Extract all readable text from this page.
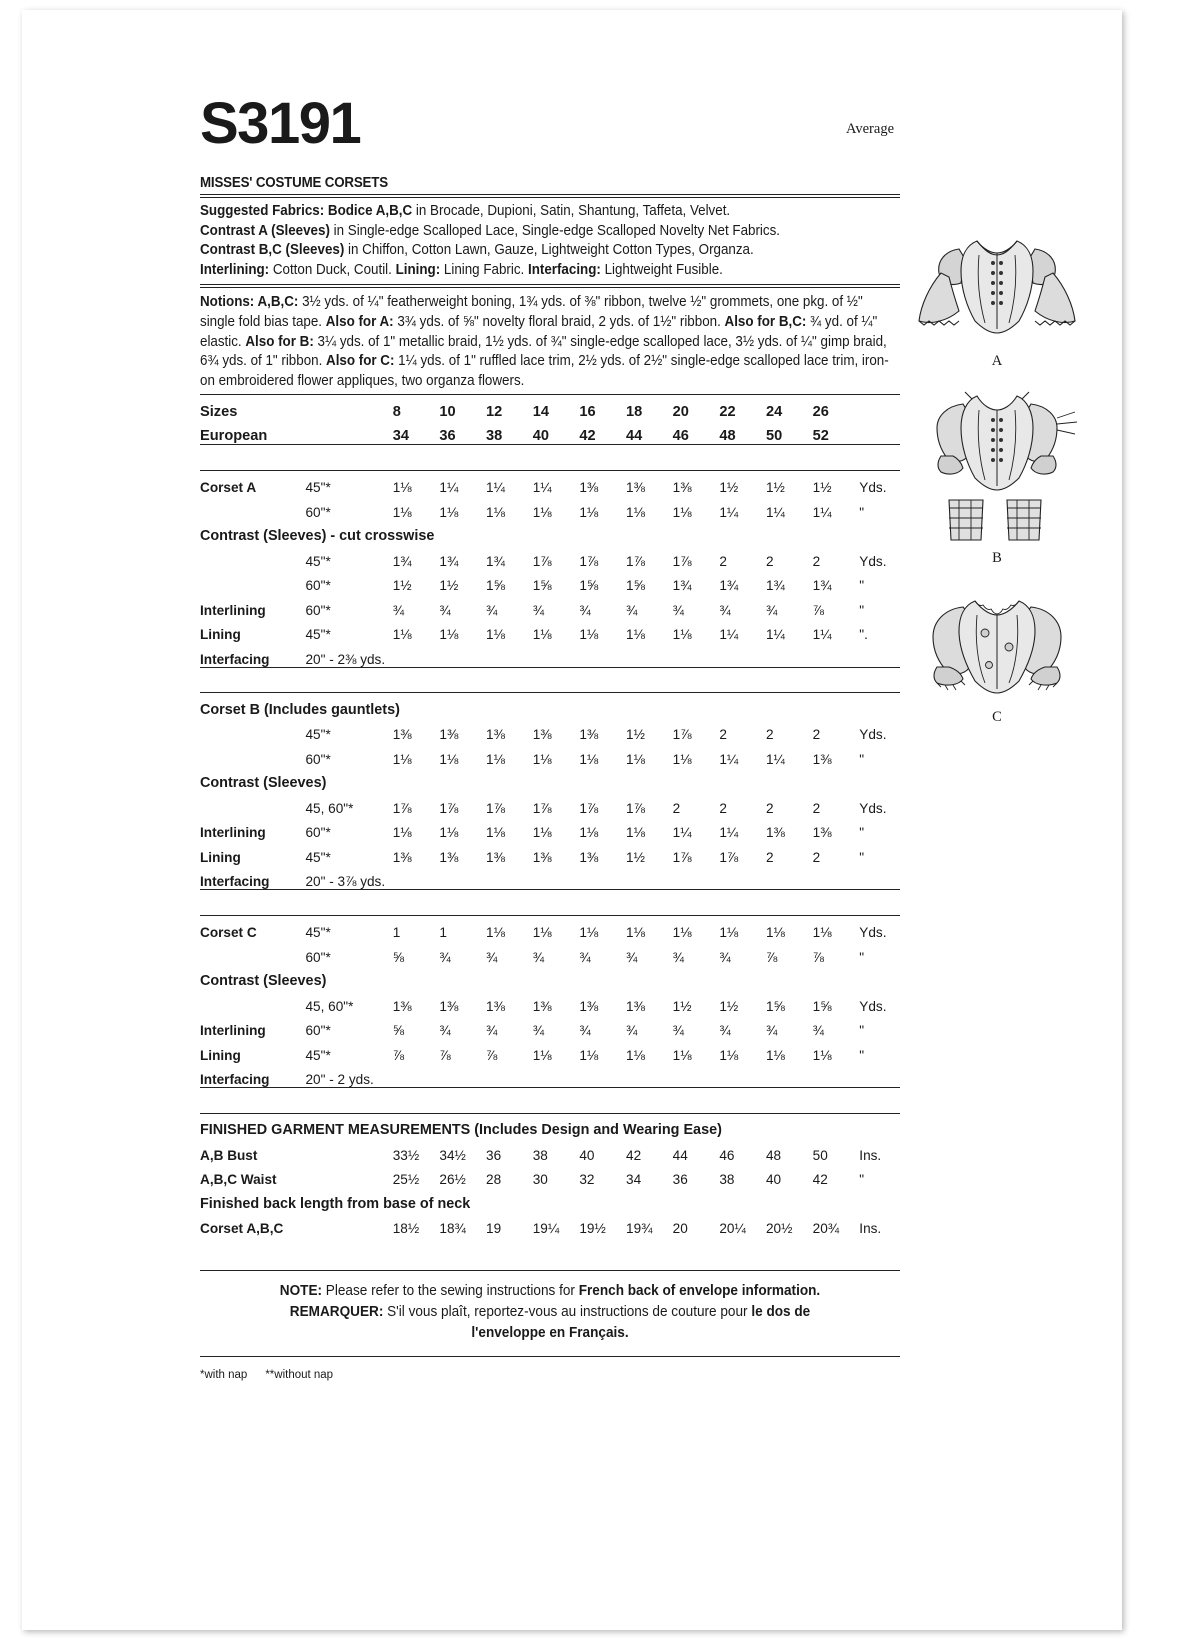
S3191	Average
MISSES' COSTUME CORSETS
Suggested Fabrics: Bodice A,B,C in Brocade, Dupioni, Satin, Shantung, Taffeta, Velvet.
Contrast A (Sleeves) in Single-edge Scalloped Lace, Single-edge Scalloped Novelty Net Fabrics.
Contrast B,C (Sleeves) in Chiffon, Cotton Lawn, Gauze, Lightweight Cotton Types, Organza.
Interlining: Cotton Duck, Coutil. Lining: Lining Fabric. Interfacing: Lightweight Fusible.
Notions: A,B,C: 3½ yds. of ¼" featherweight boning, 1¾ yds. of ⅜" ribbon, twelve ½" grommets, one pkg. of ½" single fold bias tape. Also for A: 3¾ yds. of ⅝" novelty floral braid, 2 yds. of 1½" ribbon. Also for B,C: ¾ yd. of ¼" elastic. Also for B: 3¼ yds. of 1" metallic braid, 1½ yds. of ¾" single-edge scalloped lace, 3½ yds. of ¼" gimp braid, 6¾ yds. of 1" ribbon. Also for C: 1¼ yds. of 1" ruffled lace trim, 2½ yds. of 2½" single-edge scalloped lace trim, iron-on embroidered flower appliques, two organza flowers.
Sizes		8	10	12	14	16	18	20	22	24	26	
European		34	36	38	40	42	44	46	48	50	52	

Corset A	45"*	1⅛	1¼	1¼	1¼	1⅜	1⅜	1⅜	1½	1½	1½	Yds.
	60"*	1⅛	1⅛	1⅛	1⅛	1⅛	1⅛	1⅛	1¼	1¼	1¼	"
Contrast (Sleeves) - cut crosswise												
	45"*	1¾	1¾	1¾	1⅞	1⅞	1⅞	1⅞	2	2	2	Yds.
	60"*	1½	1½	1⅝	1⅝	1⅝	1⅝	1¾	1¾	1¾	1¾	"
Interlining	60"*	¾	¾	¾	¾	¾	¾	¾	¾	¾	⅞	"
Lining	45"*	1⅛	1⅛	1⅛	1⅛	1⅛	1⅛	1⅛	1¼	1¼	1¼	".
Interfacing	20" - 2⅜ yds.											

Corset B (Includes gauntlets)												
	45"*	1⅜	1⅜	1⅜	1⅜	1⅜	1½	1⅞	2	2	2	Yds.
	60"*	1⅛	1⅛	1⅛	1⅛	1⅛	1⅛	1⅛	1¼	1¼	1⅜	"
Contrast (Sleeves)												
	45, 60"*	1⅞	1⅞	1⅞	1⅞	1⅞	1⅞	2	2	2	2	Yds.
Interlining	60"*	1⅛	1⅛	1⅛	1⅛	1⅛	1⅛	1¼	1¼	1⅜	1⅜	"
Lining	45"*	1⅜	1⅜	1⅜	1⅜	1⅜	1½	1⅞	1⅞	2	2	"
Interfacing	20" - 3⅞ yds.											

Corset C	45"*	1	1	1⅛	1⅛	1⅛	1⅛	1⅛	1⅛	1⅛	1⅛	Yds.
	60"*	⅝	¾	¾	¾	¾	¾	¾	¾	⅞	⅞	"
Contrast (Sleeves)												
	45, 60"*	1⅜	1⅜	1⅜	1⅜	1⅜	1⅜	1½	1½	1⅝	1⅝	Yds.
Interlining	60"*	⅝	¾	¾	¾	¾	¾	¾	¾	¾	¾	"
Lining	45"*	⅞	⅞	⅞	1⅛	1⅛	1⅛	1⅛	1⅛	1⅛	1⅛	"
Interfacing	20" - 2 yds.											

FINISHED GARMENT MEASUREMENTS (Includes Design and Wearing Ease)												
A,B Bust		33½	34½	36	38	40	42	44	46	48	50	Ins.
A,B,C Waist		25½	26½	28	30	32	34	36	38	40	42	"
Finished back length from base of neck												
Corset A,B,C		18½	18¾	19	19¼	19½	19¾	20	20¼	20½	20¾	Ins.
NOTE: Please refer to the sewing instructions for French back of envelope information.
REMARQUER: S'il vous plaît, reportez-vous au instructions de couture pour le dos de
l'enveloppe en Français.
*with nap **without nap
A
B
C
